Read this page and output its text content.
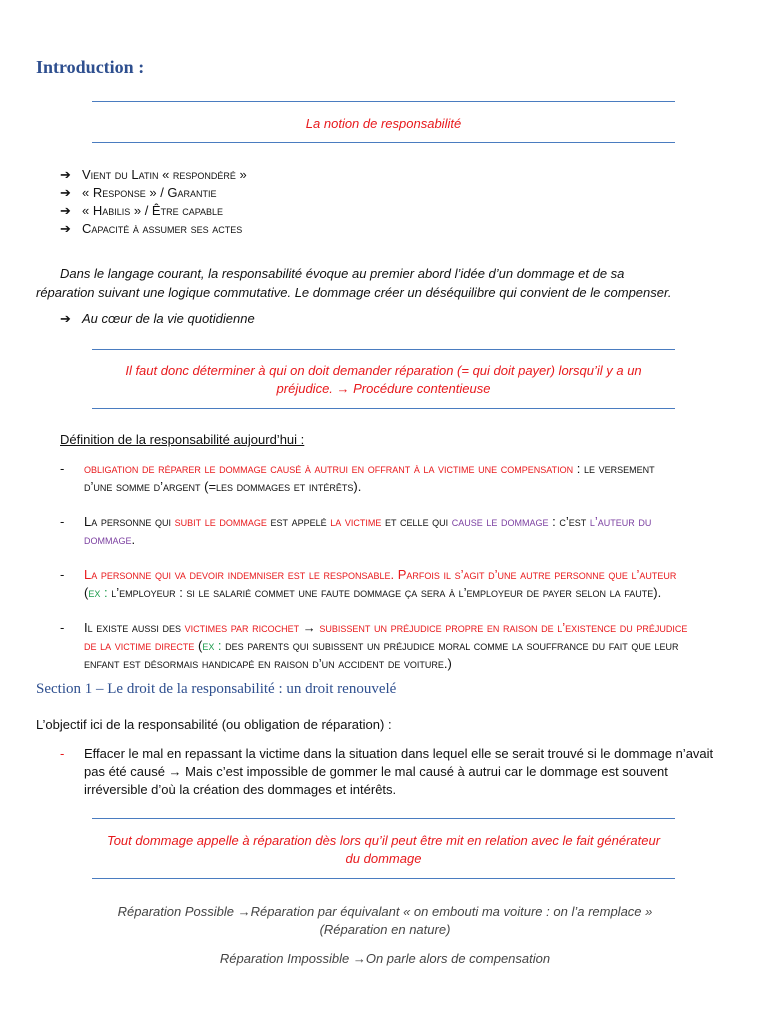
Introduction :
La notion de responsabilité
➔ Vient du Latin « respondéré »
➔ « Response » / Garantie
➔ « Habilis » / Être capable
➔ Capacité à assumer ses actes
Dans le langage courant, la responsabilité évoque au premier abord l’idée d’un dommage et de sa
réparation suivant une logique commutative. Le dommage créer un déséquilibre qui convient de le compenser.
➔ Au cœur de la vie quotidienne
Il faut donc déterminer à qui on doit demander réparation (= qui doit payer) lorsqu’il y a un
préjudice. → Procédure contentieuse
Définition de la responsabilité aujourd’hui :
- obligation de réparer le dommage causé à autrui en offrant à la victime une compensation : le versement
d’une somme d’argent (=les dommages et intérêts).
- La personne qui subit le dommage est appelé la victime et celle qui cause le dommage : c’est l’auteur du
dommage.
- La personne qui va devoir indemniser est le responsable. Parfois il s’agit d’une autre personne que l’auteur
(ex : l’employeur : si le salarié commet une faute dommage ça sera à l’employeur de payer selon la faute).
- Il existe aussi des victimes par ricochet → subissent un préjudice propre en raison de l’existence du préjudice
de la victime directe (ex : des parents qui subissent un préjudice moral comme la souffrance du fait que leur
enfant est désormais handicapé en raison d’un accident de voiture.)
Section 1 – Le droit de la responsabilité : un droit renouvelé
L’objectif ici de la responsabilité (ou obligation de réparation) :
- Effacer le mal en repassant la victime dans la situation dans lequel elle se serait trouvé si le dommage n’avait
pas été causé → Mais c’est impossible de gommer le mal causé à autrui car le dommage est souvent
irréversible d’où la création des dommages et intérêts.
Tout dommage appelle à réparation dès lors qu’il peut être mit en relation avec le fait générateur
du dommage
Réparation Possible →Réparation par équivalant « on embouti ma voiture : on l’a remplace »
(Réparation en nature)
Réparation Impossible →On parle alors de compensation
